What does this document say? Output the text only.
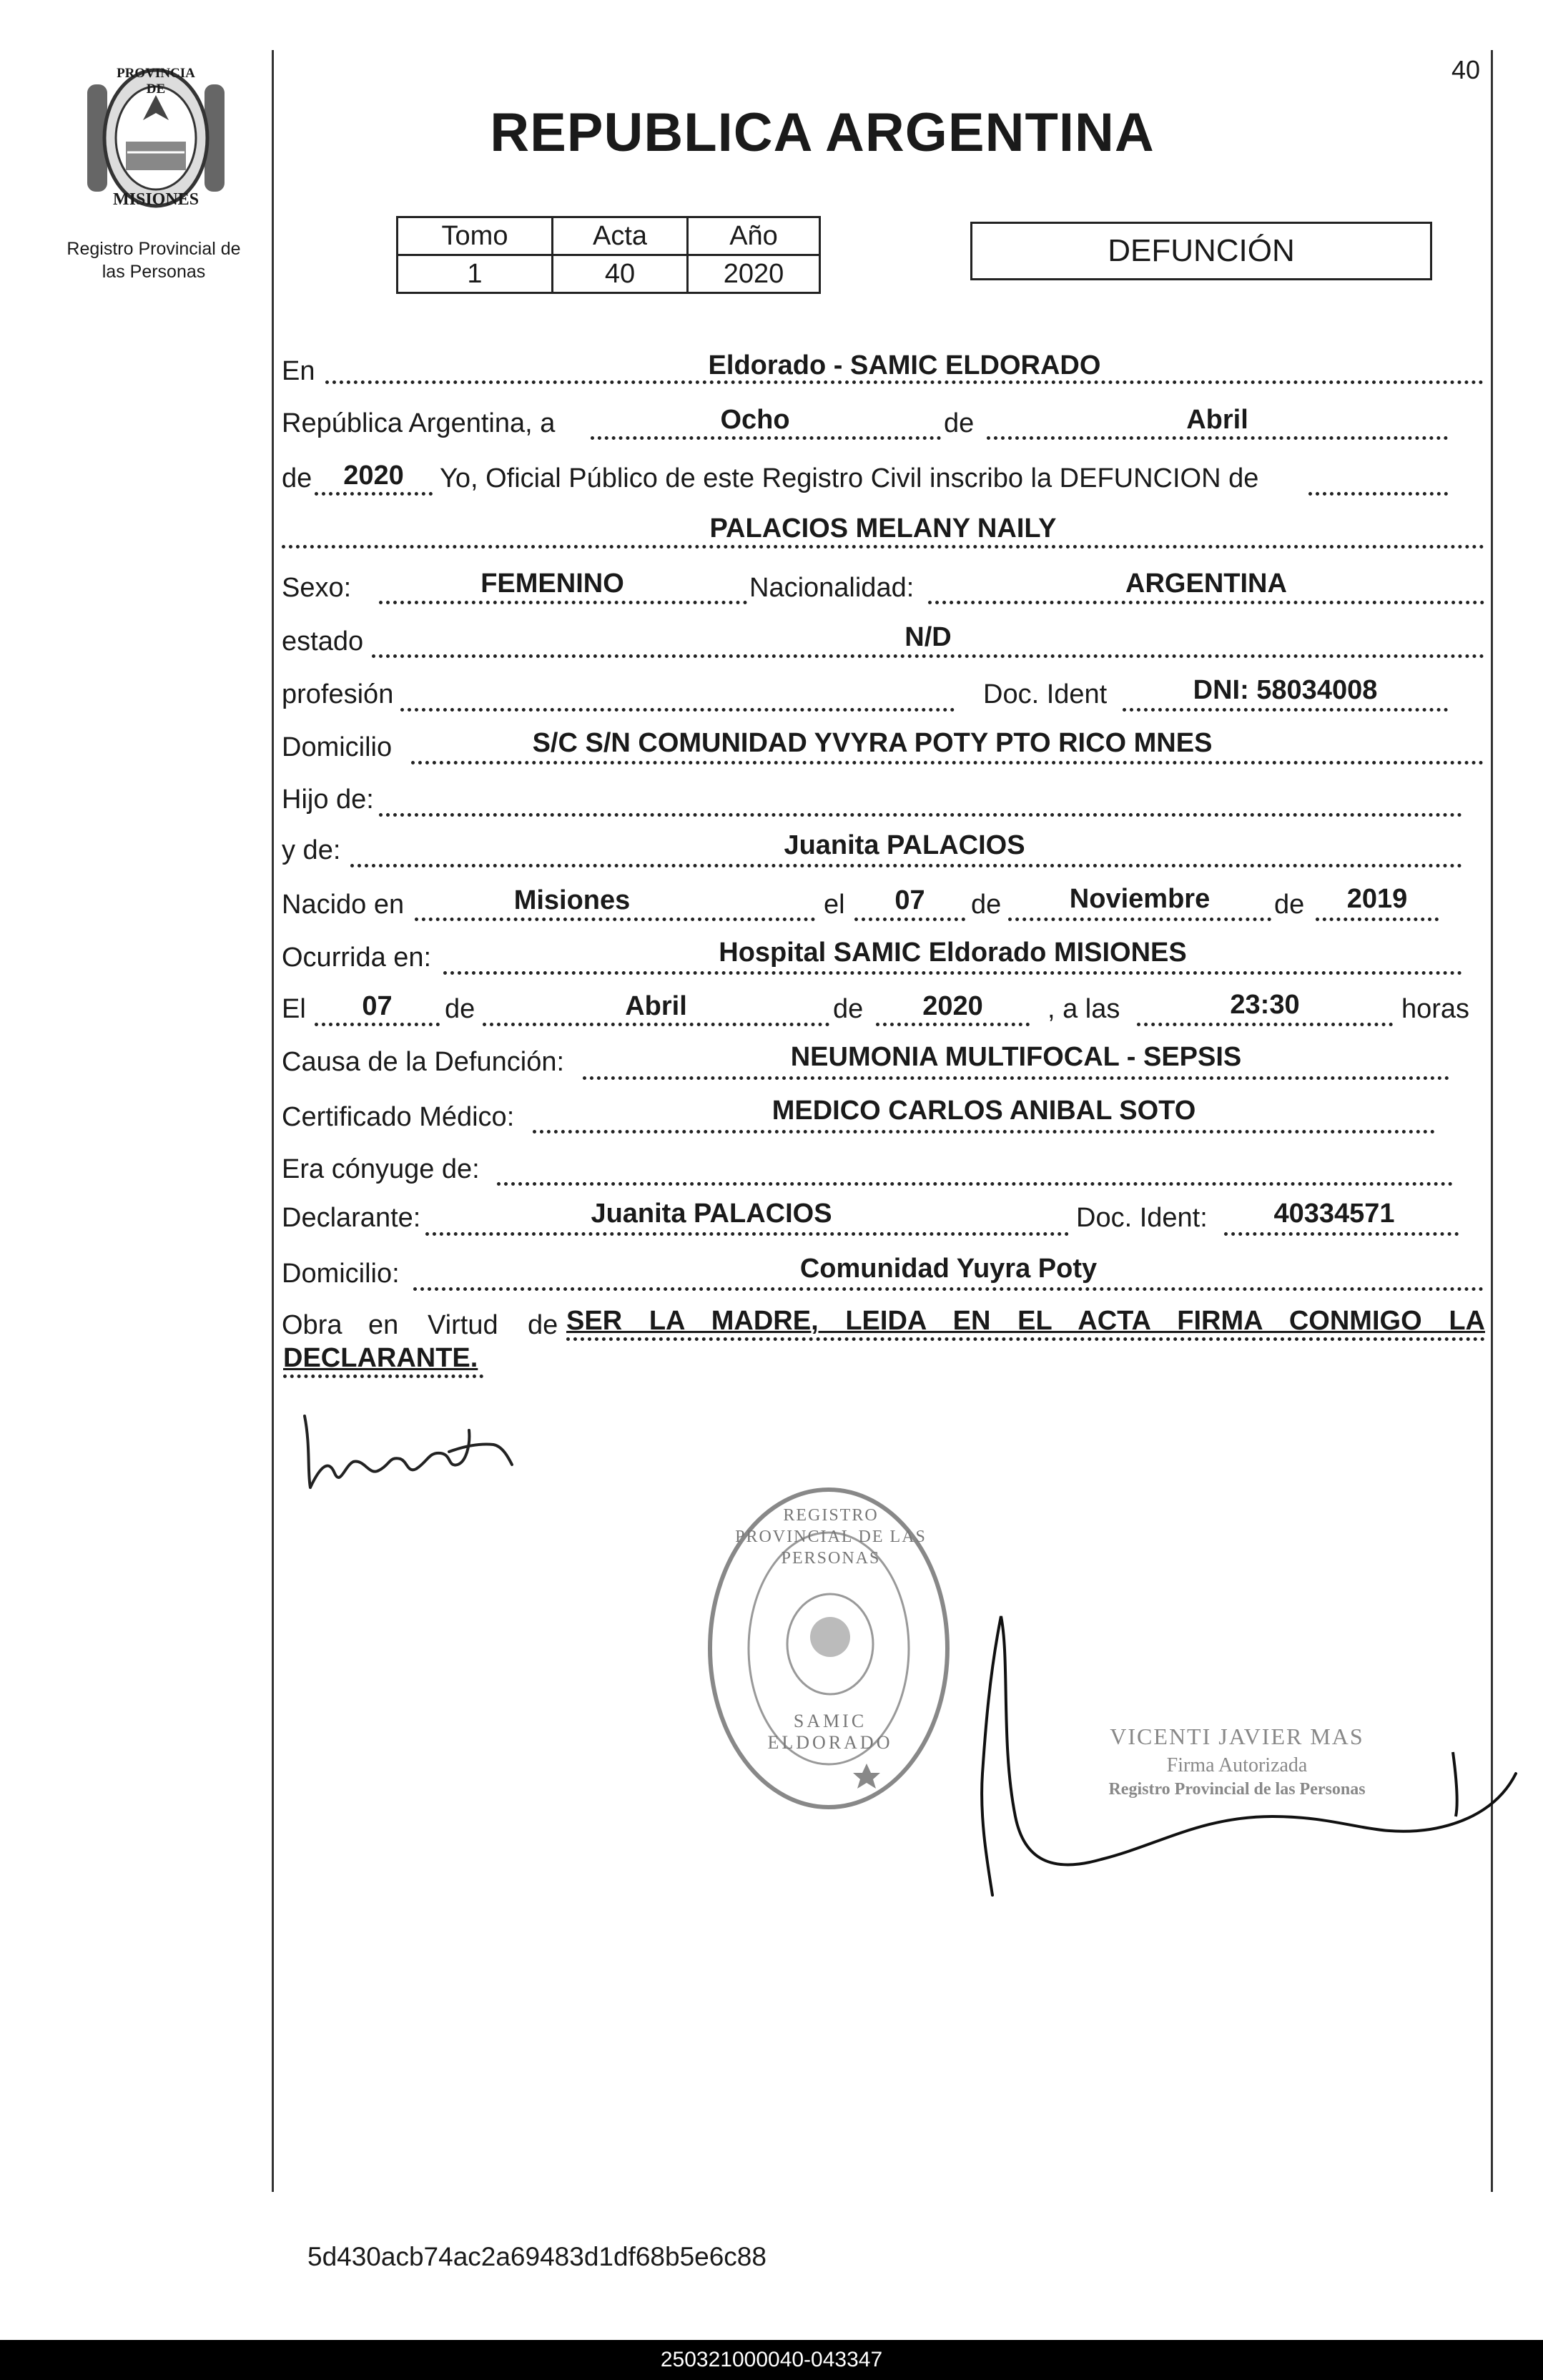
40
PROVINCIA DE
MISIONES
Registro Provincial de
las Personas
REPUBLICA ARGENTINA
Tomo	Acta	Año
1	40	2020
DEFUNCIÓN
En	Eldorado - SAMIC ELDORADO
República Argentina, a	Ocho	de	Abril
de	2020	Yo, Oficial Público de este Registro Civil inscribo la DEFUNCION de
PALACIOS MELANY NAILY
Sexo:	FEMENINO	Nacionalidad:	ARGENTINA
estado	N/D
profesión	Doc. Ident	DNI: 58034008
Domicilio	S/C S/N COMUNIDAD YVYRA POTY PTO RICO MNES
Hijo de:
y de:	Juanita PALACIOS
Nacido en	Misiones	el	07	de	Noviembre	de	2019
Ocurrida en:	Hospital SAMIC Eldorado MISIONES
El	07	de	Abril	de	2020	, a las	23:30	horas
Causa de la Defunción:	NEUMONIA MULTIFOCAL - SEPSIS
Certificado Médico:	MEDICO CARLOS ANIBAL SOTO
Era cónyuge de:
Declarante:	Juanita PALACIOS	Doc. Ident:	40334571
Domicilio:	Comunidad Yuyra Poty
Obra en Virtud de SER LA MADRE, LEIDA EN EL ACTA FIRMA CONMIGO LA
DECLARANTE.
REGISTRO PROVINCIAL DE LAS PERSONAS
SAMIC ELDORADO	VICENTI JAVIER MAS
Firma Autorizada
Registro Provincial de las Personas
5d430acb74ac2a69483d1df68b5e6c88
250321000040-043347
